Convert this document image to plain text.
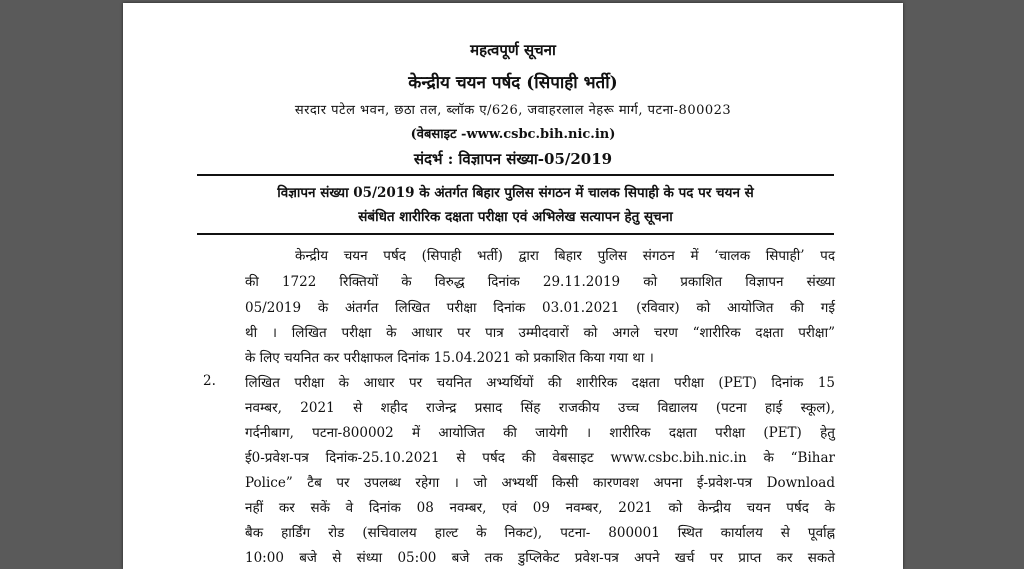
महत्वपूर्ण सूचना
केन्द्रीय चयन पर्षद (सिपाही भर्ती)
सरदार पटेल भवन, छठा तल, ब्लॉक ए/626, जवाहरलाल नेहरू मार्ग, पटना-800023
(वेबसाइट -www.csbc.bih.nic.in)
संदर्भ : विज्ञापन संख्या-05/2019
विज्ञापन संख्या 05/2019 के अंतर्गत बिहार पुलिस संगठन में चालक सिपाही के पद पर चयन से
संबंधित शारीरिक दक्षता परीक्षा एवं अभिलेख सत्यापन हेतु सूचना
केन्द्रीय चयन पर्षद (सिपाही भर्ती) द्वारा बिहार पुलिस संगठन में ‘चालक सिपाही’ पद
की 1722 रिक्तियों के विरुद्ध दिनांक 29.11.2019 को प्रकाशित विज्ञापन संख्या
05/2019 के अंतर्गत लिखित परीक्षा दिनांक 03.01.2021 (रविवार) को आयोजित की गई
थी । लिखित परीक्षा के आधार पर पात्र उम्मीदवारों को अगले चरण “शारीरिक दक्षता परीक्षा”
के लिए चयनित कर परीक्षाफल दिनांक 15.04.2021 को प्रकाशित किया गया था ।
2. लिखित परीक्षा के आधार पर चयनित अभ्यर्थियों की शारीरिक दक्षता परीक्षा (PET) दिनांक 15
नवम्बर, 2021 से शहीद राजेन्द्र प्रसाद सिंह राजकीय उच्च विद्यालय (पटना हाई स्कूल),
गर्दनीबाग, पटना-800002 में आयोजित की जायेगी । शारीरिक दक्षता परीक्षा (PET) हेतु
ई0-प्रवेश-पत्र दिनांक-25.10.2021 से पर्षद की वेबसाइट www.csbc.bih.nic.in के “Bihar
Police” टैब पर उपलब्ध रहेगा । जो अभ्यर्थी किसी कारणवश अपना ई-प्रवेश-पत्र Download
नहीं कर सकें वे दिनांक 08 नवम्बर, एवं 09 नवम्बर, 2021 को केन्द्रीय चयन पर्षद के
बैक हार्डिंग रोड (सचिवालय हाल्ट के निकट), पटना- 800001 स्थित कार्यालय से पूर्वाह्न
10:00 बजे से संध्या 05:00 बजे तक डुप्लिकेट प्रवेश-पत्र अपने खर्च पर प्राप्त कर सकते
